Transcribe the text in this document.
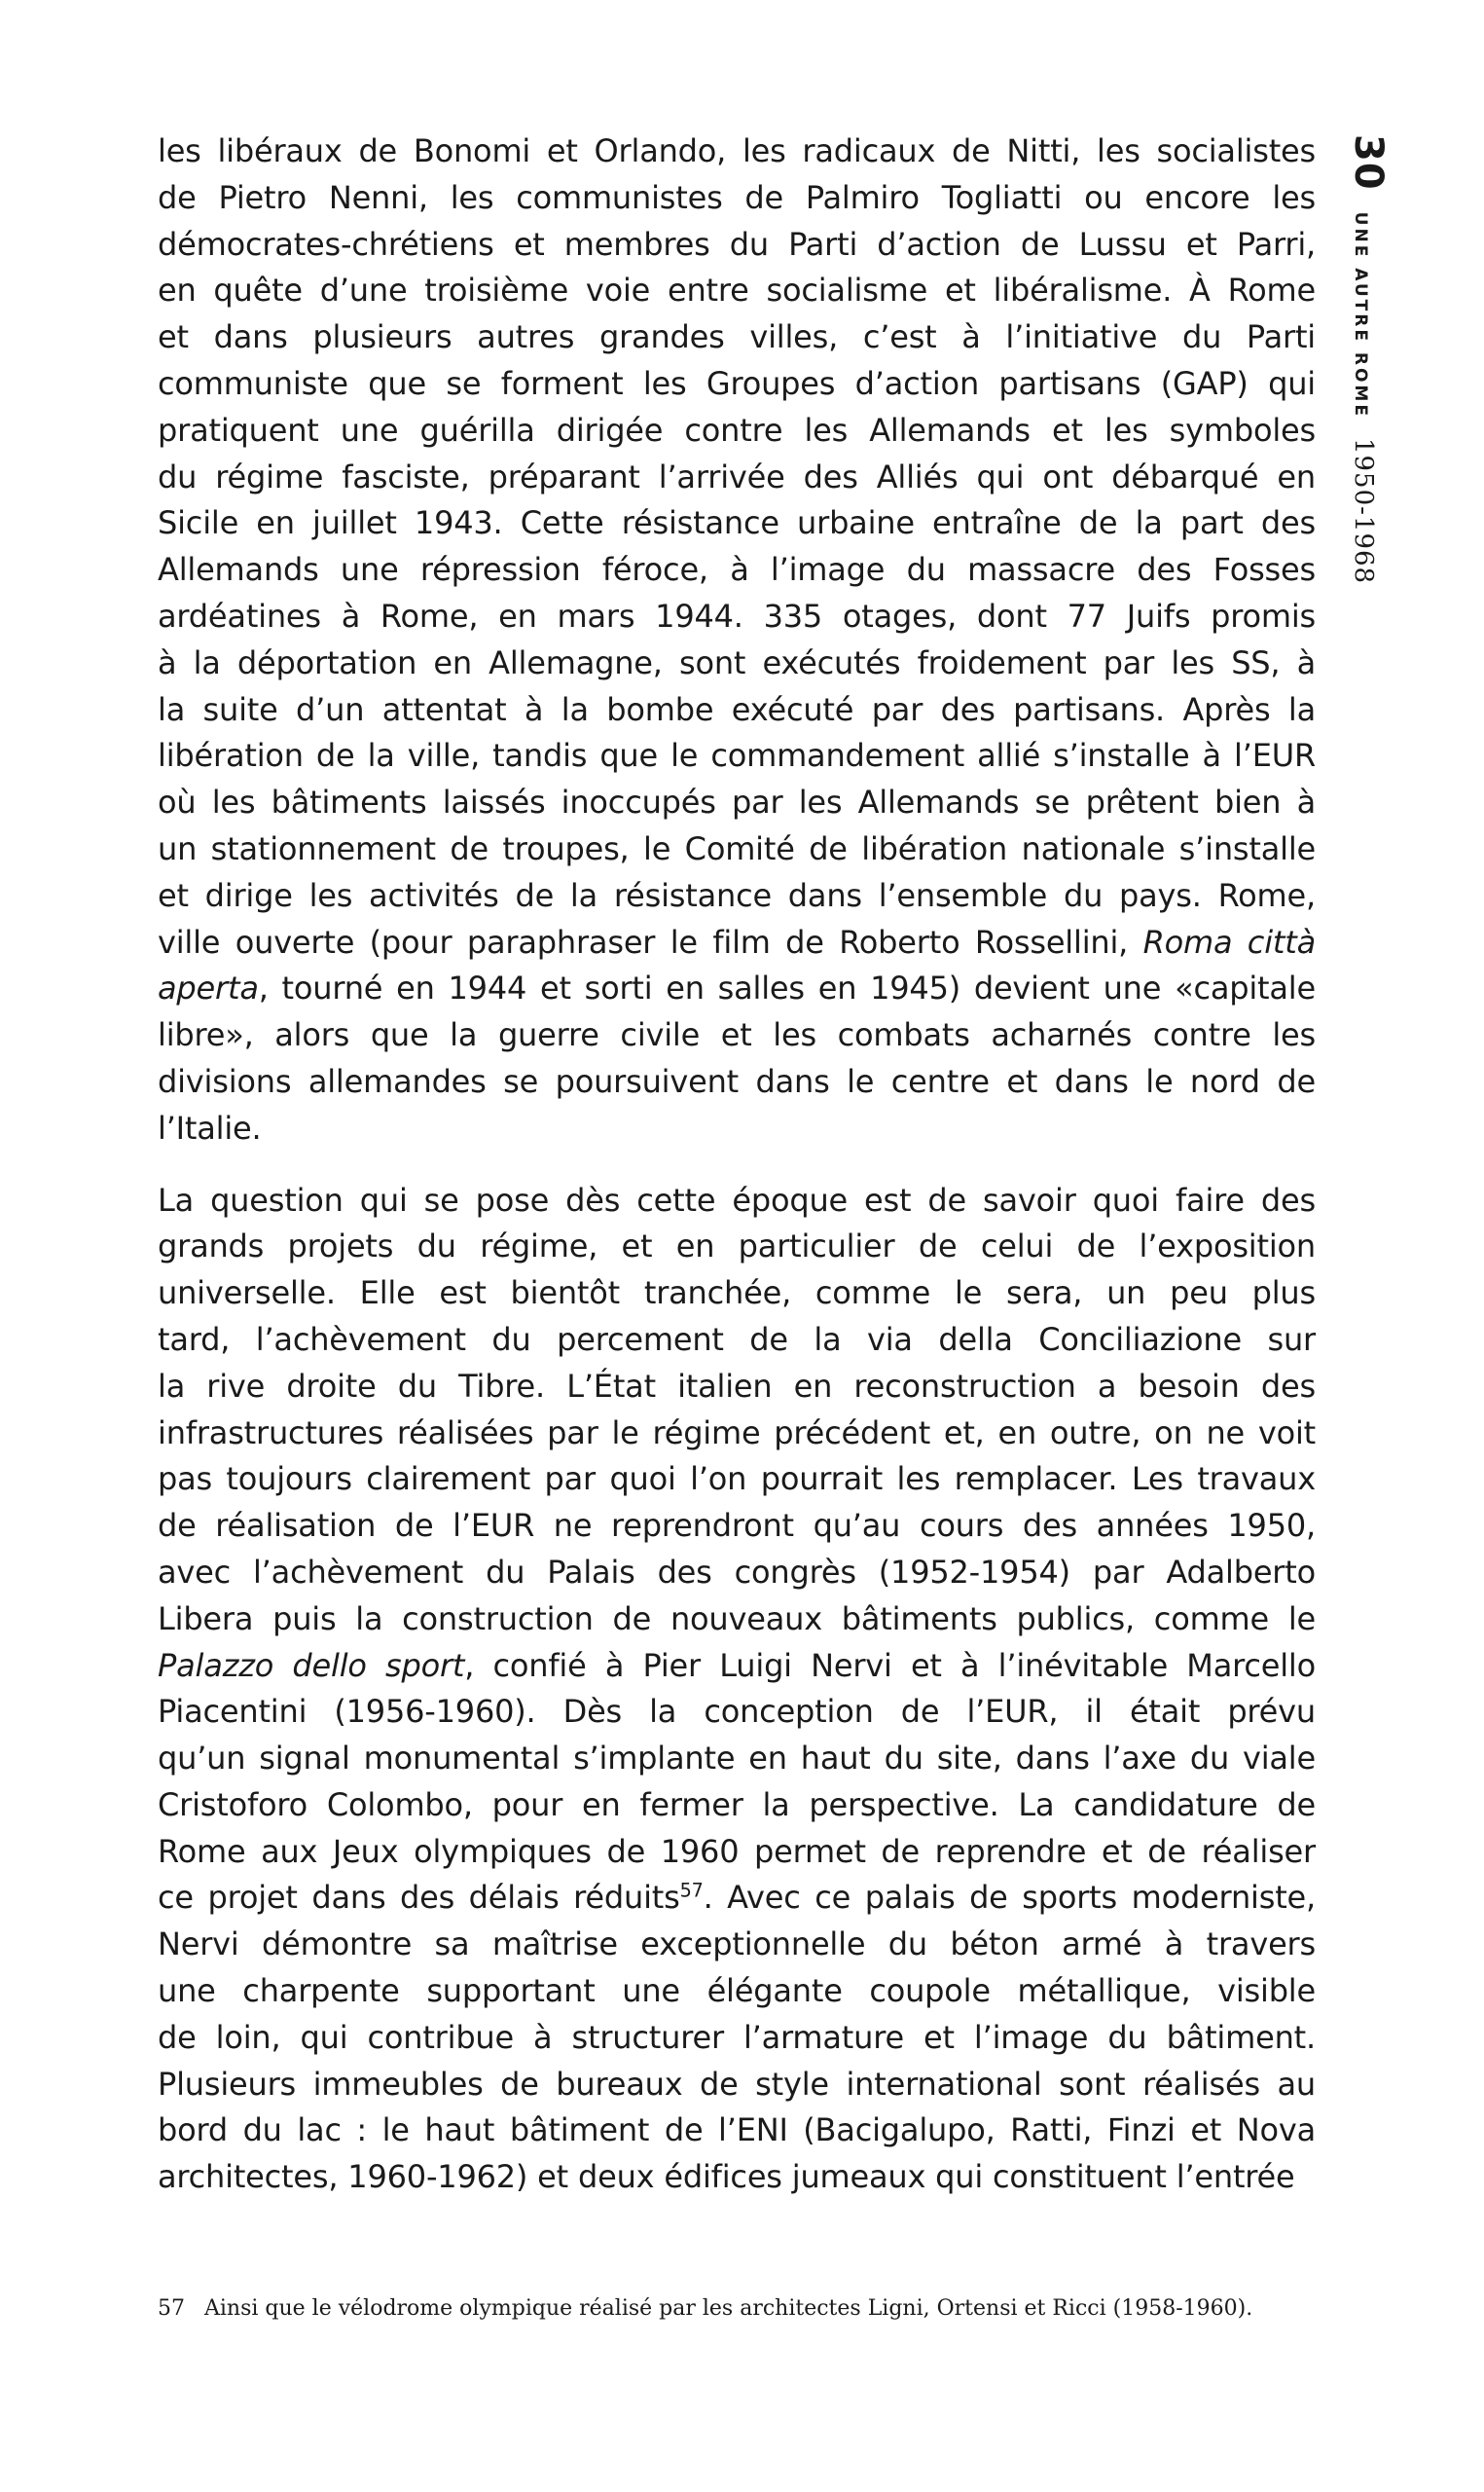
les libéraux de Bonomi et Orlando, les radicaux de Nitti, les socialistes
de Pietro Nenni, les communistes de Palmiro Togliatti ou encore les
démocrates-chrétiens et membres du Parti d’action de Lussu et Parri,
en quête d’une troisième voie entre socialisme et libéralisme. À Rome
et dans plusieurs autres grandes villes, c’est à l’initiative du Parti
communiste que se forment les Groupes d’action partisans (GAP) qui
pratiquent une guérilla dirigée contre les Allemands et les symboles
du régime fasciste, préparant l’arrivée des Alliés qui ont débarqué en
Sicile en juillet 1943. Cette résistance urbaine entraîne de la part des
Allemands une répression féroce, à l’image du massacre des Fosses
ardéatines à Rome, en mars 1944. 335 otages, dont 77 Juifs promis
à la déportation en Allemagne, sont exécutés froidement par les SS, à
la suite d’un attentat à la bombe exécuté par des partisans. Après la
libération de la ville, tandis que le commandement allié s’installe à l’EUR
où les bâtiments laissés inoccupés par les Allemands se prêtent bien à
un stationnement de troupes, le Comité de libération nationale s’installe
et dirige les activités de la résistance dans l’ensemble du pays. Rome,
ville ouverte (pour paraphraser le film de Roberto Rossellini, Roma città
aperta, tourné en 1944 et sorti en salles en 1945) devient une «capitale
libre», alors que la guerre civile et les combats acharnés contre les
divisions allemandes se poursuivent dans le centre et dans le nord de
l’Italie.
La question qui se pose dès cette époque est de savoir quoi faire des
grands projets du régime, et en particulier de celui de l’exposition
universelle. Elle est bientôt tranchée, comme le sera, un peu plus
tard, l’achèvement du percement de la via della Conciliazione sur
la rive droite du Tibre. L’État italien en reconstruction a besoin des
infrastructures réalisées par le régime précédent et, en outre, on ne voit
pas toujours clairement par quoi l’on pourrait les remplacer. Les travaux
de réalisation de l’EUR ne reprendront qu’au cours des années 1950,
avec l’achèvement du Palais des congrès (1952-1954) par Adalberto
Libera puis la construction de nouveaux bâtiments publics, comme le
Palazzo dello sport, confié à Pier Luigi Nervi et à l’inévitable Marcello
Piacentini (1956-1960). Dès la conception de l’EUR, il était prévu
qu’un signal monumental s’implante en haut du site, dans l’axe du viale
Cristoforo Colombo, pour en fermer la perspective. La candidature de
Rome aux Jeux olympiques de 1960 permet de reprendre et de réaliser
ce projet dans des délais réduits$^{57}$. Avec ce palais de sports moderniste,
Nervi démontre sa maîtrise exceptionnelle du béton armé à travers
une charpente supportant une élégante coupole métallique, visible
de loin, qui contribue à structurer l’armature et l’image du bâtiment.
Plusieurs immeubles de bureaux de style international sont réalisés au
bord du lac : le haut bâtiment de l’ENI (Bacigalupo, Ratti, Finzi et Nova
architectes, 1960-1962) et deux édifices jumeaux qui constituent l’entrée
30UNE AUTRE ROME1950-1968
57 Ainsi que le vélodrome olympique réalisé par les architectes Ligni, Ortensi et Ricci (1958-1960).
